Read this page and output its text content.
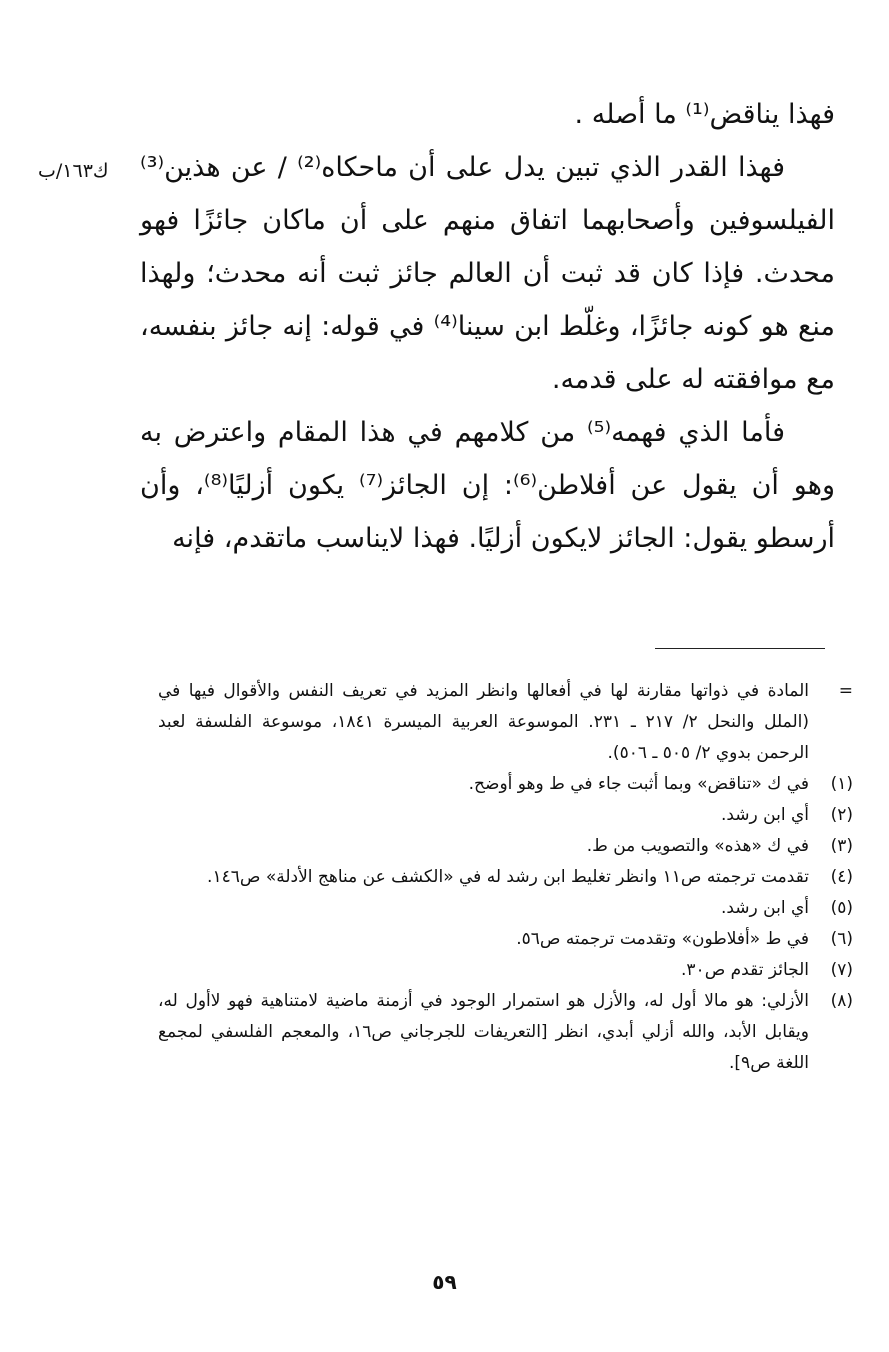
ك١٦٣/ب

فهذا يناقض⁽¹⁾ ما أصله .

فهذا القدر الذي تبين يدل على أن ماحكاه⁽²⁾ / عن هذين⁽³⁾ الفيلسوفين وأصحابهما اتفاق منهم على أن ماكان جائزًا فهو محدث. فإذا كان قد ثبت أن العالم جائز ثبت أنه محدث؛ ولهذا منع هو كونه جائزًا، وغلّط ابن سينا⁽⁴⁾ في قوله: إنه جائز بنفسه، مع موافقته له على قدمه.

فأما الذي فهمه⁽⁵⁾ من كلامهم في هذا المقام واعترض به وهو أن يقول عن أفلاطن⁽⁶⁾: إن الجائز⁽⁷⁾ يكون أزليًا⁽⁸⁾، وأن أرسطو يقول: الجائز لايكون أزليًا. فهذا لايناسب ماتقدم، فإنه

=
المادة في ذواتها مقارنة لها في أفعالها وانظر المزيد في تعريف النفس والأقوال فيها في (الملل والنحل ٢/ ٢١٧ ـ ٢٣١. الموسوعة العربية الميسرة ١٨٤١، موسوعة الفلسفة لعبد الرحمن بدوي ٢/ ٥٠٥ ـ ٥٠٦).
(١)
في ك «تناقض» وبما أثبت جاء في ط وهو أوضح.
(٢)
أي ابن رشد.
(٣)
في ك «هذه» والتصويب من ط.
(٤)
تقدمت ترجمته ص١١ وانظر تغليط ابن رشد له في «الكشف عن مناهج الأدلة» ص١٤٦.
(٥)
أي ابن رشد.
(٦)
في ط «أفلاطون» وتقدمت ترجمته ص٥٦.
(٧)
الجائز تقدم ص٣٠.
(٨)
الأزلي: هو مالا أول له، والأزل هو استمرار الوجود في أزمنة ماضية لامتناهية فهو لاأول له، ويقابل الأبد، والله أزلي أبدي، انظر [التعريفات للجرجاني ص١٦، والمعجم الفلسفي لمجمع اللغة ص٩].
٥٩
